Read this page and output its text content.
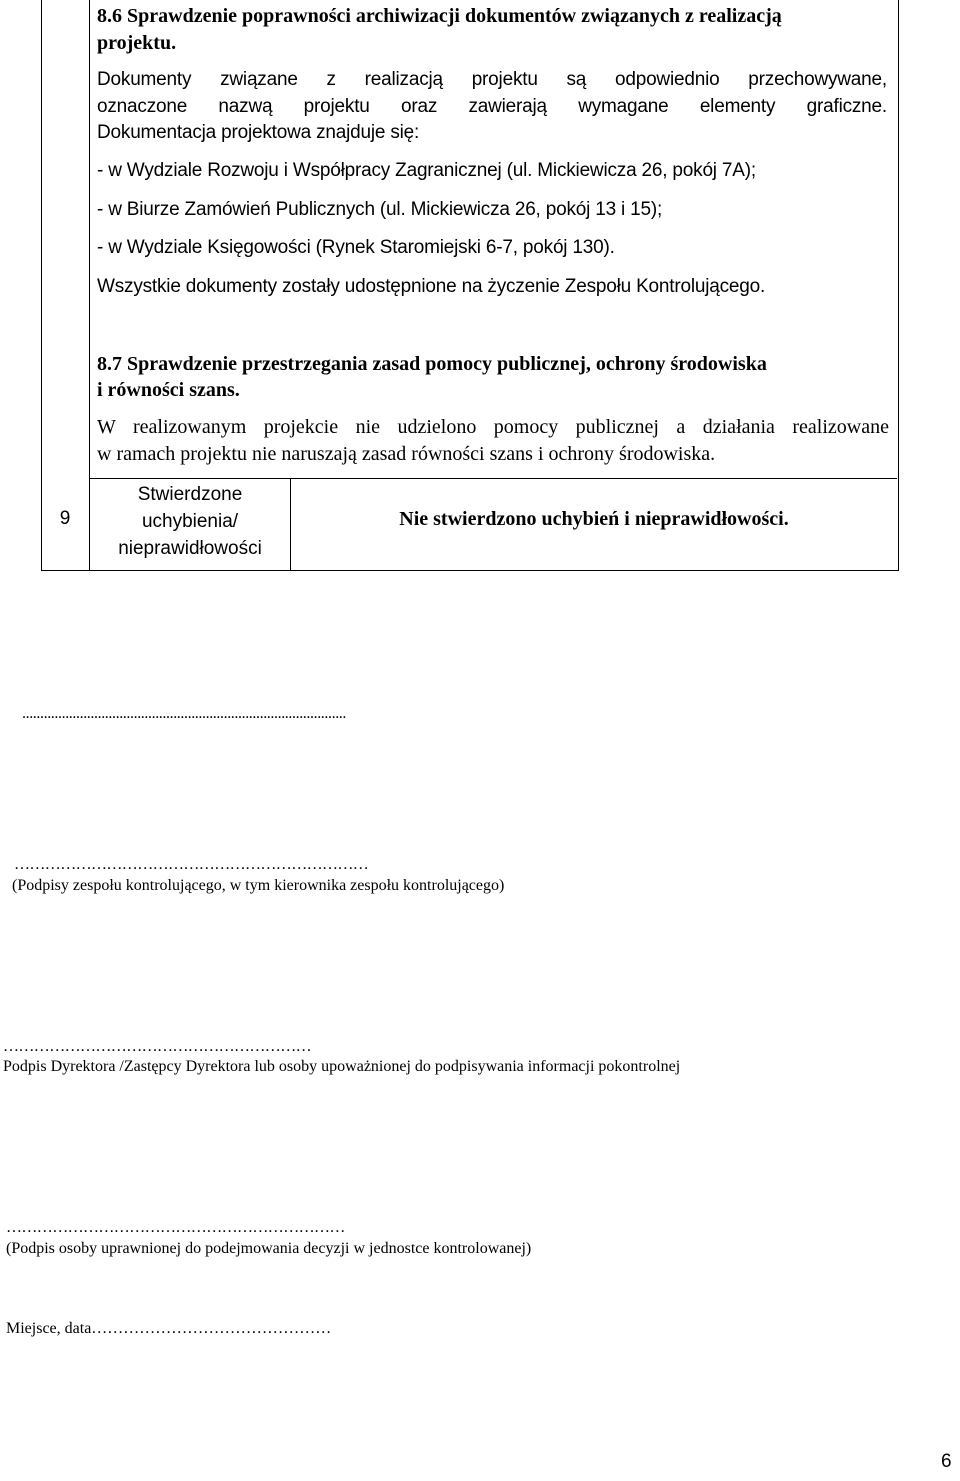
8.6 Sprawdzenie poprawności archiwizacji dokumentów związanych z realizacją
projektu.
Dokumenty związane z realizacją projektu są odpowiednio przechowywane,
oznaczone nazwą projektu oraz zawierają wymagane elementy graficzne.
Dokumentacja projektowa znajduje się:
- w Wydziale Rozwoju i Współpracy Zagranicznej (ul. Mickiewicza 26, pokój 7A);
- w Biurze Zamówień Publicznych (ul. Mickiewicza 26, pokój 13 i 15);
- w Wydziale Księgowości (Rynek Staromiejski 6-7, pokój 130).
Wszystkie dokumenty zostały udostępnione na życzenie Zespołu Kontrolującego.
8.7 Sprawdzenie przestrzegania zasad pomocy publicznej, ochrony środowiska
i równości szans.
W realizowanym projekcie nie udzielono pomocy publicznej a działania realizowane
w ramach projektu nie naruszają zasad równości szans i ochrony środowiska.
9
Stwierdzone
uchybienia/
nieprawidłowości
Nie stwierdzono uchybień i nieprawidłowości.
..........................................................................................
……………………………………………………………
(Podpisy zespołu kontrolującego, w tym kierownika zespołu kontrolującego)
……………………………………………………
Podpis Dyrektora /Zastępcy Dyrektora lub osoby upoważnionej do podpisywania informacji pokontrolnej
…………………………………………………………
(Podpis osoby uprawnionej do podejmowania decyzji w jednostce kontrolowanej)
Miejsce, data………………………………………
6
